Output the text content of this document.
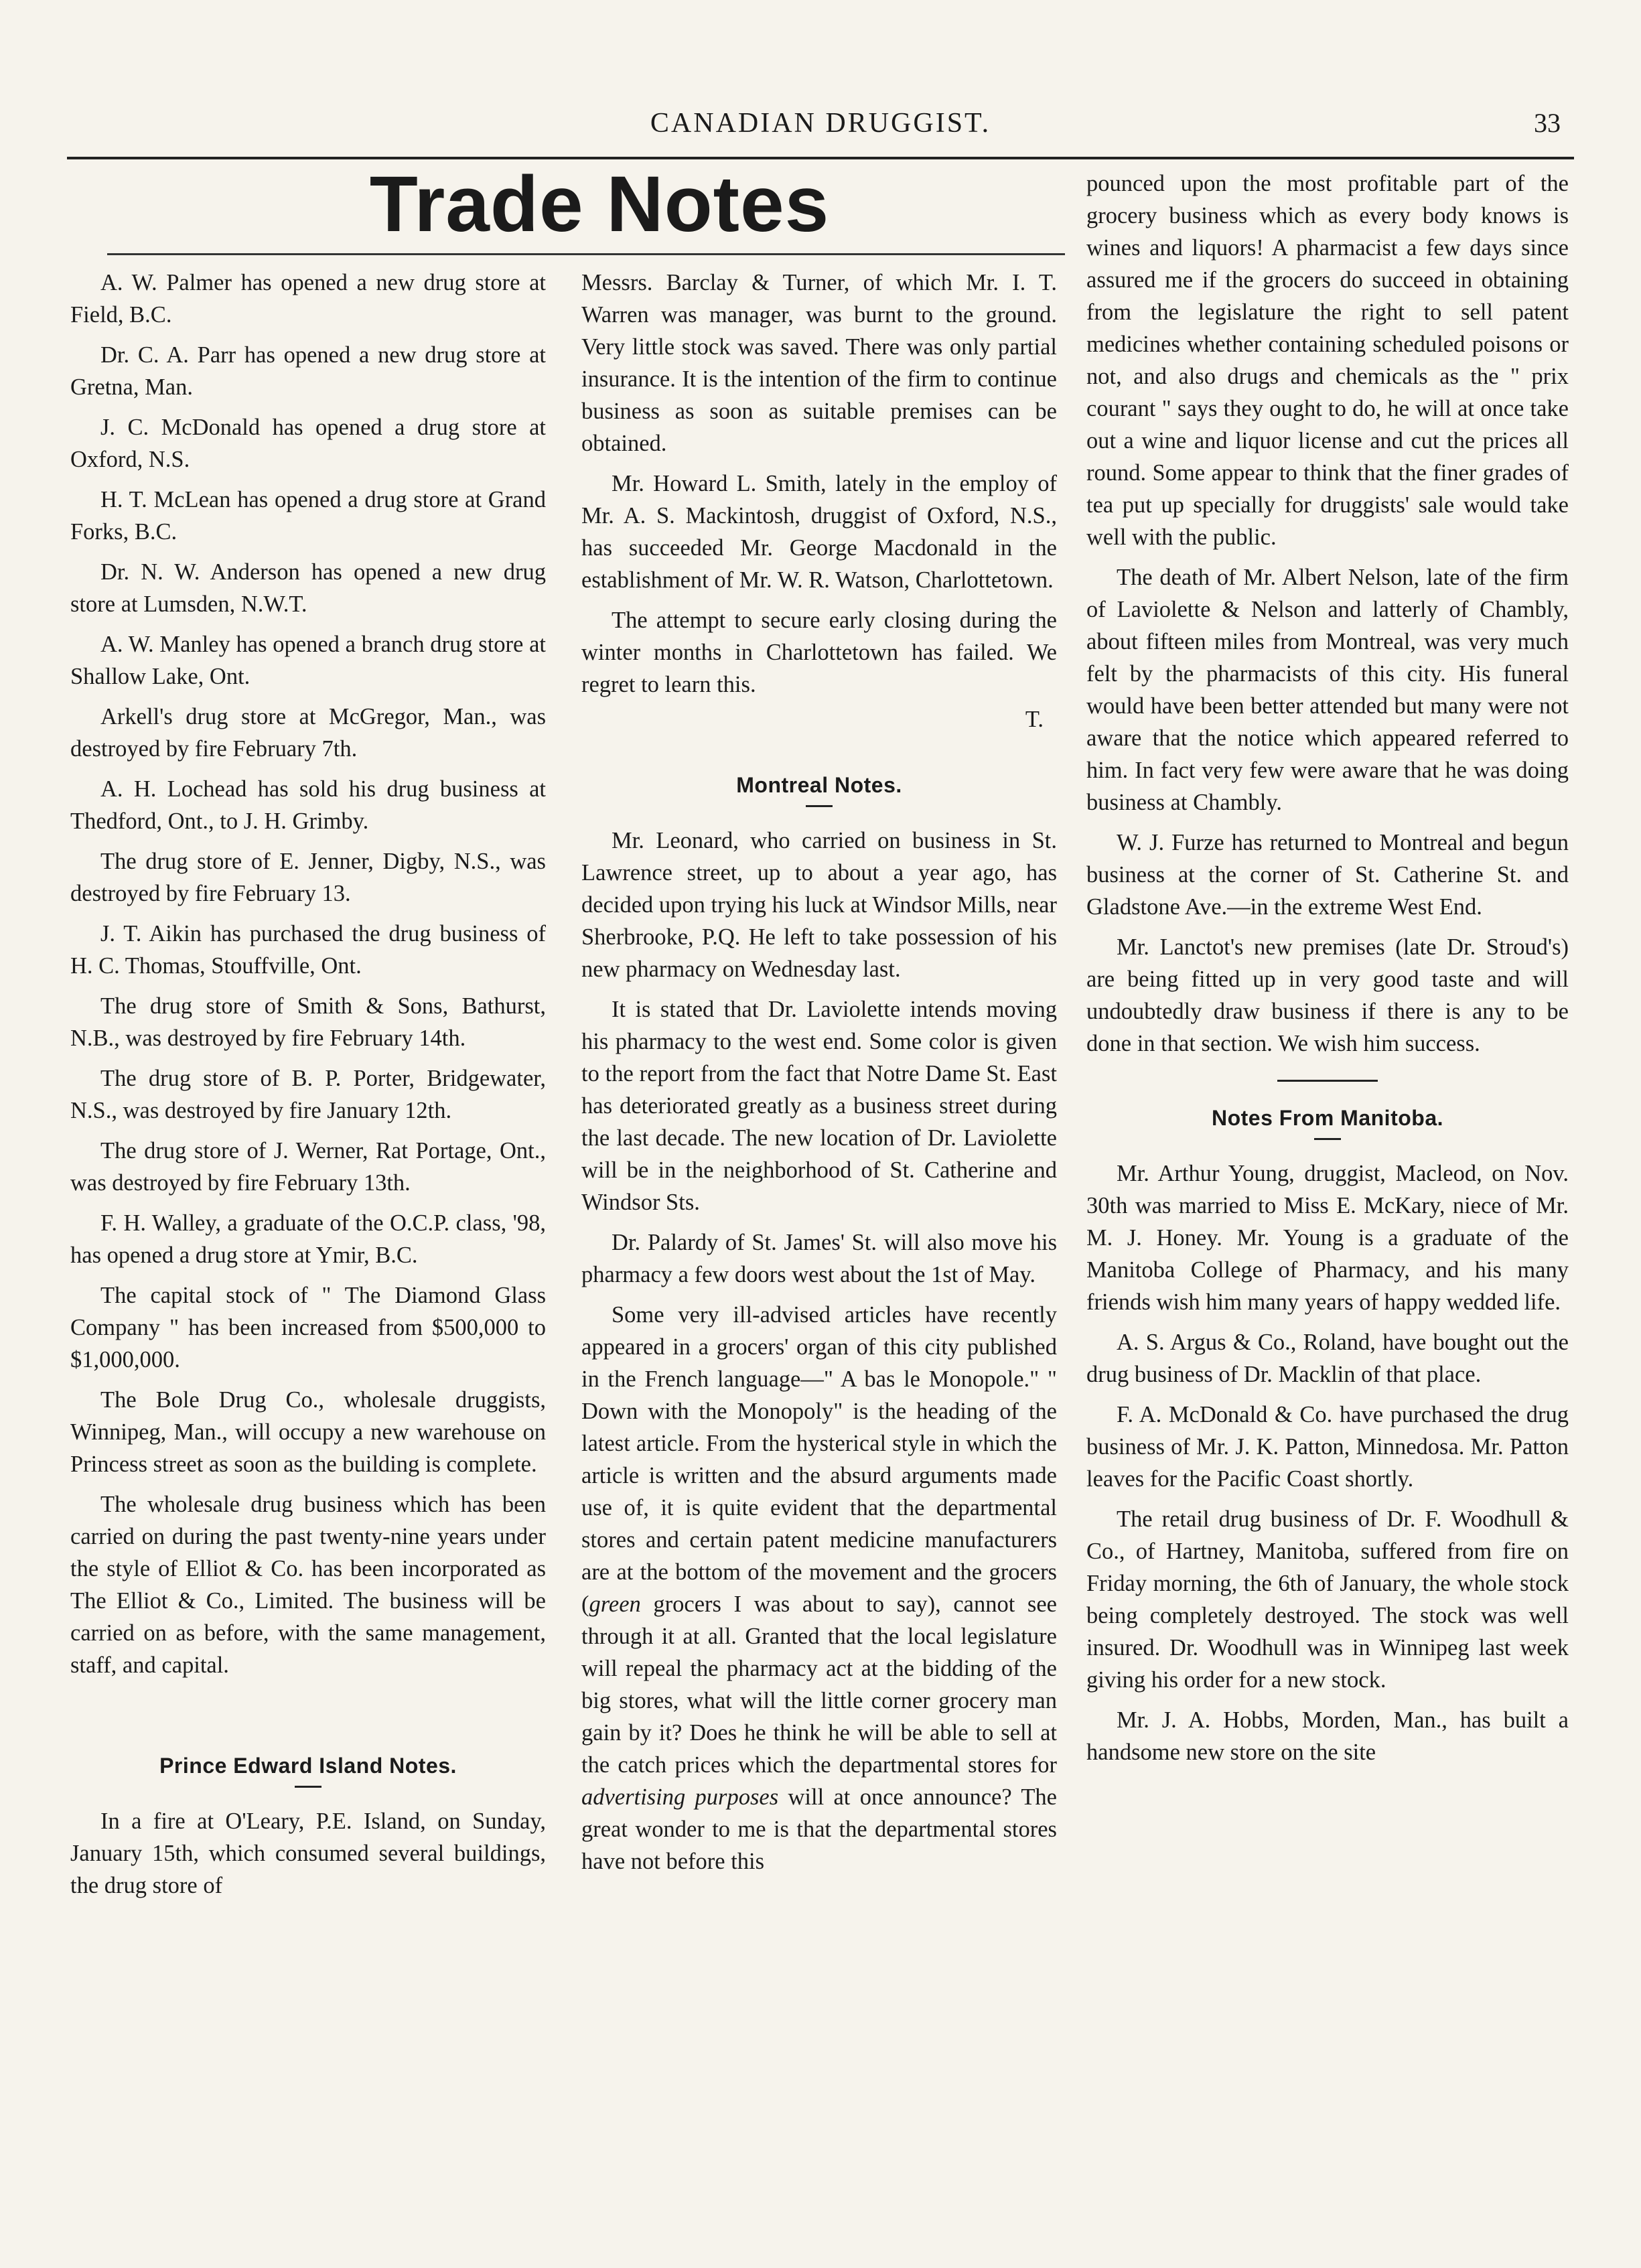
CANADIAN DRUGGIST.	33
Trade Notes

A. W. Palmer has opened a new drug store at Field, B.C.

Dr. C. A. Parr has opened a new drug store at Gretna, Man.

J. C. McDonald has opened a drug store at Oxford, N.S.

H. T. McLean has opened a drug store at Grand Forks, B.C.

Dr. N. W. Anderson has opened a new drug store at Lumsden, N.W.T.

A. W. Manley has opened a branch drug store at Shallow Lake, Ont.

Arkell's drug store at McGregor, Man., was destroyed by fire February 7th.

A. H. Lochead has sold his drug business at Thedford, Ont., to J. H. Grimby.

The drug store of E. Jenner, Digby, N.S., was destroyed by fire February 13.

J. T. Aikin has purchased the drug business of H. C. Thomas, Stouffville, Ont.

The drug store of Smith & Sons, Bathurst, N.B., was destroyed by fire February 14th.

The drug store of B. P. Porter, Bridgewater, N.S., was destroyed by fire January 12th.

The drug store of J. Werner, Rat Portage, Ont., was destroyed by fire February 13th.

F. H. Walley, a graduate of the O.C.P. class, '98, has opened a drug store at Ymir, B.C.

The capital stock of " The Diamond Glass Company " has been increased from $500,000 to $1,000,000.

The Bole Drug Co., wholesale druggists, Winnipeg, Man., will occupy a new warehouse on Princess street as soon as the building is complete.

The wholesale drug business which has been carried on during the past twenty-nine years under the style of Elliot & Co. has been incorporated as The Elliot & Co., Limited. The business will be carried on as before, with the same management, staff, and capital.

Prince Edward Island Notes.

In a fire at O'Leary, P.E. Island, on Sunday, January 15th, which consumed several buildings, the drug store of

Messrs. Barclay & Turner, of which Mr. I. T. Warren was manager, was burnt to the ground. Very little stock was saved. There was only partial insurance. It is the intention of the firm to continue business as soon as suitable premises can be obtained.

Mr. Howard L. Smith, lately in the employ of Mr. A. S. Mackintosh, druggist of Oxford, N.S., has succeeded Mr. George Macdonald in the establishment of Mr. W. R. Watson, Charlottetown.

The attempt to secure early closing during the winter months in Charlottetown has failed. We regret to learn this.

T.
Montreal Notes.

Mr. Leonard, who carried on business in St. Lawrence street, up to about a year ago, has decided upon trying his luck at Windsor Mills, near Sherbrooke, P.Q. He left to take possession of his new pharmacy on Wednesday last.

It is stated that Dr. Laviolette intends moving his pharmacy to the west end. Some color is given to the report from the fact that Notre Dame St. East has deteriorated greatly as a business street during the last decade. The new location of Dr. Laviolette will be in the neighborhood of St. Catherine and Windsor Sts.

Dr. Palardy of St. James' St. will also move his pharmacy a few doors west about the 1st of May.

Some very ill-advised articles have recently appeared in a grocers' organ of this city published in the French language—" A bas le Monopole." " Down with the Monopoly" is the heading of the latest article. From the hysterical style in which the article is written and the absurd arguments made use of, it is quite evident that the departmental stores and certain patent medicine manufacturers are at the bottom of the movement and the grocers (green grocers I was about to say), cannot see through it at all. Granted that the local legislature will repeal the pharmacy act at the bidding of the big stores, what will the little corner grocery man gain by it? Does he think he will be able to sell at the catch prices which the departmental stores for advertising purposes will at once announce? The great wonder to me is that the departmental stores have not before this

pounced upon the most profitable part of the grocery business which as every body knows is wines and liquors! A pharmacist a few days since assured me if the grocers do succeed in obtaining from the legislature the right to sell patent medicines whether containing scheduled poisons or not, and also drugs and chemicals as the " prix courant " says they ought to do, he will at once take out a wine and liquor license and cut the prices all round. Some appear to think that the finer grades of tea put up specially for druggists' sale would take well with the public.

The death of Mr. Albert Nelson, late of the firm of Laviolette & Nelson and latterly of Chambly, about fifteen miles from Montreal, was very much felt by the pharmacists of this city. His funeral would have been better attended but many were not aware that the notice which appeared referred to him. In fact very few were aware that he was doing business at Chambly.

W. J. Furze has returned to Montreal and begun business at the corner of St. Catherine St. and Gladstone Ave.—in the extreme West End.

Mr. Lanctot's new premises (late Dr. Stroud's) are being fitted up in very good taste and will undoubtedly draw business if there is any to be done in that section. We wish him success.

Notes From Manitoba.

Mr. Arthur Young, druggist, Macleod, on Nov. 30th was married to Miss E. McKary, niece of Mr. M. J. Honey. Mr. Young is a graduate of the Manitoba College of Pharmacy, and his many friends wish him many years of happy wedded life.

A. S. Argus & Co., Roland, have bought out the drug business of Dr. Macklin of that place.

F. A. McDonald & Co. have purchased the drug business of Mr. J. K. Patton, Minnedosa. Mr. Patton leaves for the Pacific Coast shortly.

The retail drug business of Dr. F. Woodhull & Co., of Hartney, Manitoba, suffered from fire on Friday morning, the 6th of January, the whole stock being completely destroyed. The stock was well insured. Dr. Woodhull was in Winnipeg last week giving his order for a new stock.

Mr. J. A. Hobbs, Morden, Man., has built a handsome new store on the site
